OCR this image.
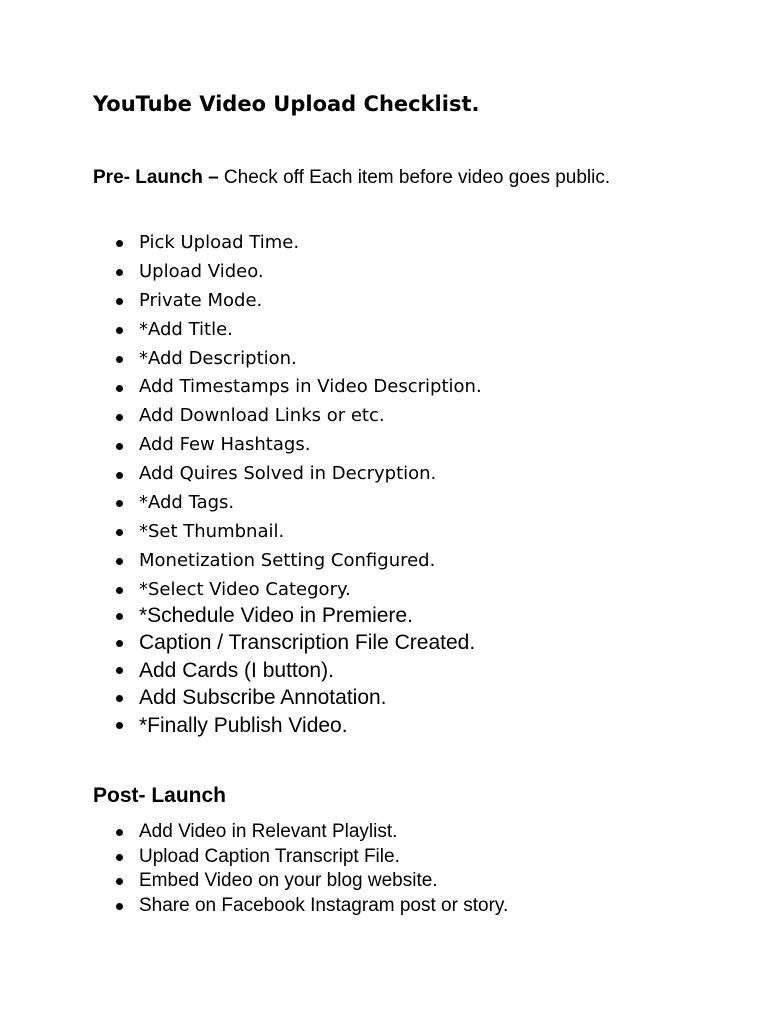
YouTube Video Upload Checklist.

Pre- Launch – Check off Each item before video goes public.

Pick Upload Time.
Upload Video.
Private Mode.
*Add Title.
*Add Description.
Add Timestamps in Video Description.
Add Download Links or etc.
Add Few Hashtags.
Add Quires Solved in Decryption.
*Add Tags.
*Set Thumbnail.
Monetization Setting Configured.
*Select Video Category.
*Schedule Video in Premiere.
Caption / Transcription File Created.
Add Cards (I button).
Add Subscribe Annotation.
*Finally Publish Video.
Post- Launch
Add Video in Relevant Playlist.
Upload Caption Transcript File.
Embed Video on your blog website.
Share on Facebook Instagram post or story.
